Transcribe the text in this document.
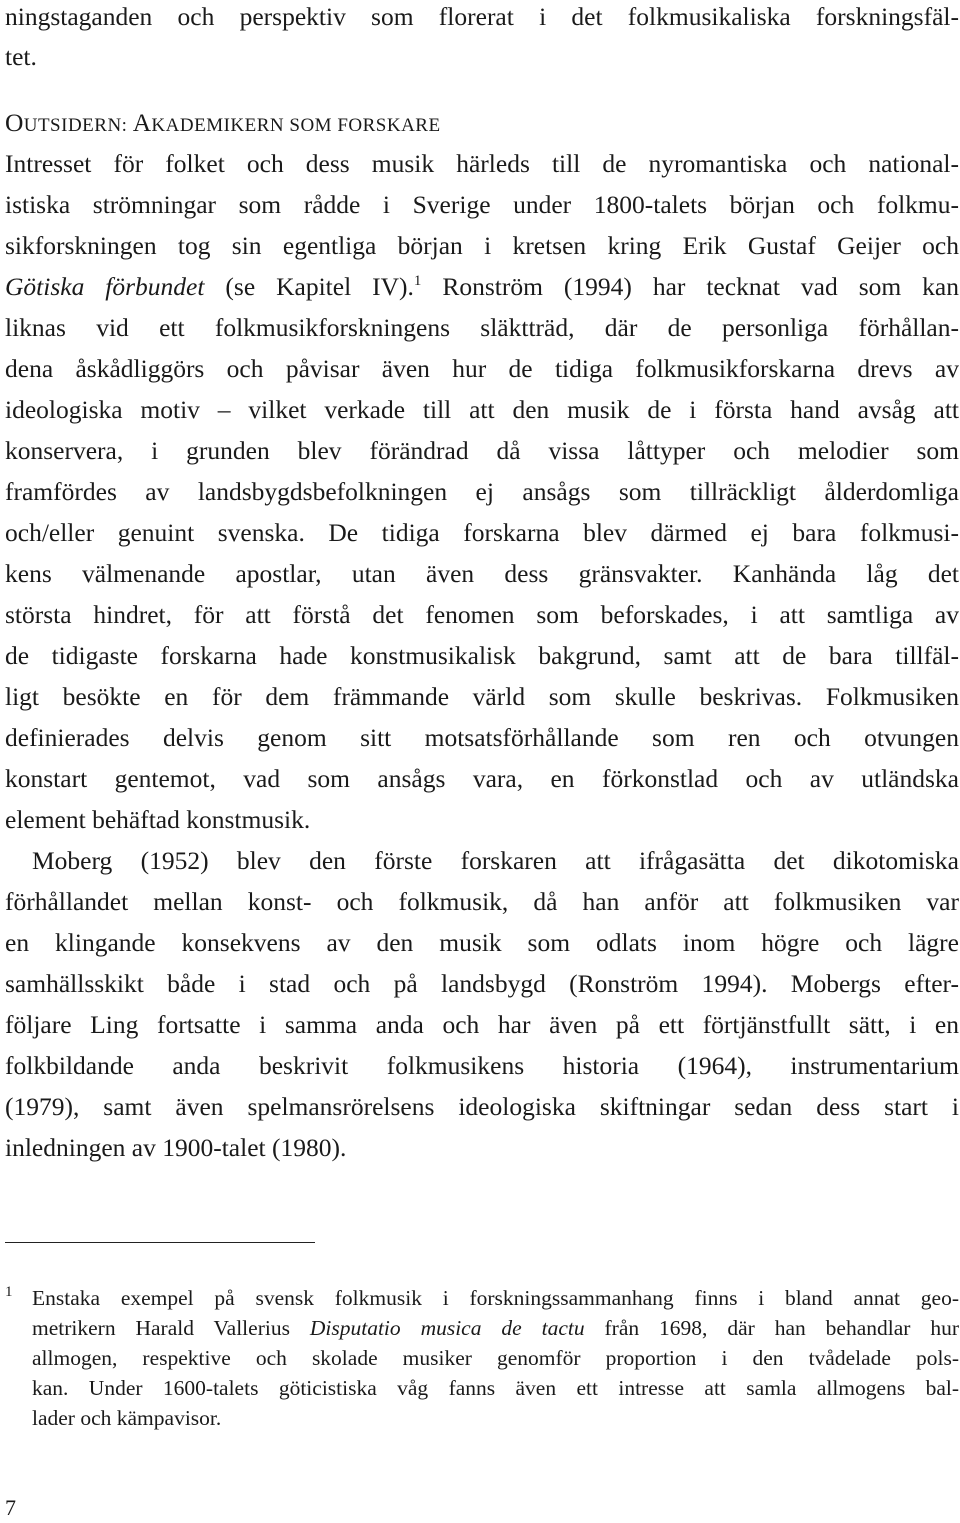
ningstaganden och perspektiv som florerat i det folkmusikaliska forskningsfäl-
tet.
OUTSIDERN: AKADEMIKERN SOM FORSKARE
Intresset för folket och dess musik härleds till de nyromantiska och national-
istiska strömningar som rådde i Sverige under 1800-talets början och folkmu-
sikforskningen tog sin egentliga början i kretsen kring Erik Gustaf Geijer och
Götiska förbundet (se Kapitel IV).$^1$ Ronström (1994) har tecknat vad som kan
liknas vid ett folkmusikforskningens släktträd, där de personliga förhållan-
dena åskådliggörs och påvisar även hur de tidiga folkmusikforskarna drevs av
ideologiska motiv – vilket verkade till att den musik de i första hand avsåg att
konservera, i grunden blev förändrad då vissa låttyper och melodier som
framfördes av landsbygdsbefolkningen ej ansågs som tillräckligt ålderdomliga
och/eller genuint svenska. De tidiga forskarna blev därmed ej bara folkmusi-
kens välmenande apostlar, utan även dess gränsvakter. Kanhända låg det
största hindret, för att förstå det fenomen som beforskades, i att samtliga av
de tidigaste forskarna hade konstmusikalisk bakgrund, samt att de bara tillfäl-
ligt besökte en för dem främmande värld som skulle beskrivas. Folkmusiken
definierades delvis genom sitt motsatsförhållande som ren och otvungen
konstart gentemot, vad som ansågs vara, en förkonstlad och av utländska
element behäftad konstmusik.
Moberg (1952) blev den förste forskaren att ifrågasätta det dikotomiska
förhållandet mellan konst- och folkmusik, då han anför att folkmusiken var
en klingande konsekvens av den musik som odlats inom högre och lägre
samhällsskikt både i stad och på landsbygd (Ronström 1994). Mobergs efter-
följare Ling fortsatte i samma anda och har även på ett förtjänstfullt sätt, i en
folkbildande anda beskrivit folkmusikens historia (1964), instrumentarium
(1979), samt även spelmansrörelsens ideologiska skiftningar sedan dess start i
inledningen av 1900-talet (1980).
1 Enstaka exempel på svensk folkmusik i forskningssammanhang finns i bland annat geo-
metrikern Harald Vallerius Disputatio musica de tactu från 1698, där han behandlar hur
allmogen, respektive och skolade musiker genomför proportion i den tvådelade pols-
kan. Under 1600-talets göticistiska våg fanns även ett intresse att samla allmogens bal-
lader och kämpavisor.
7
